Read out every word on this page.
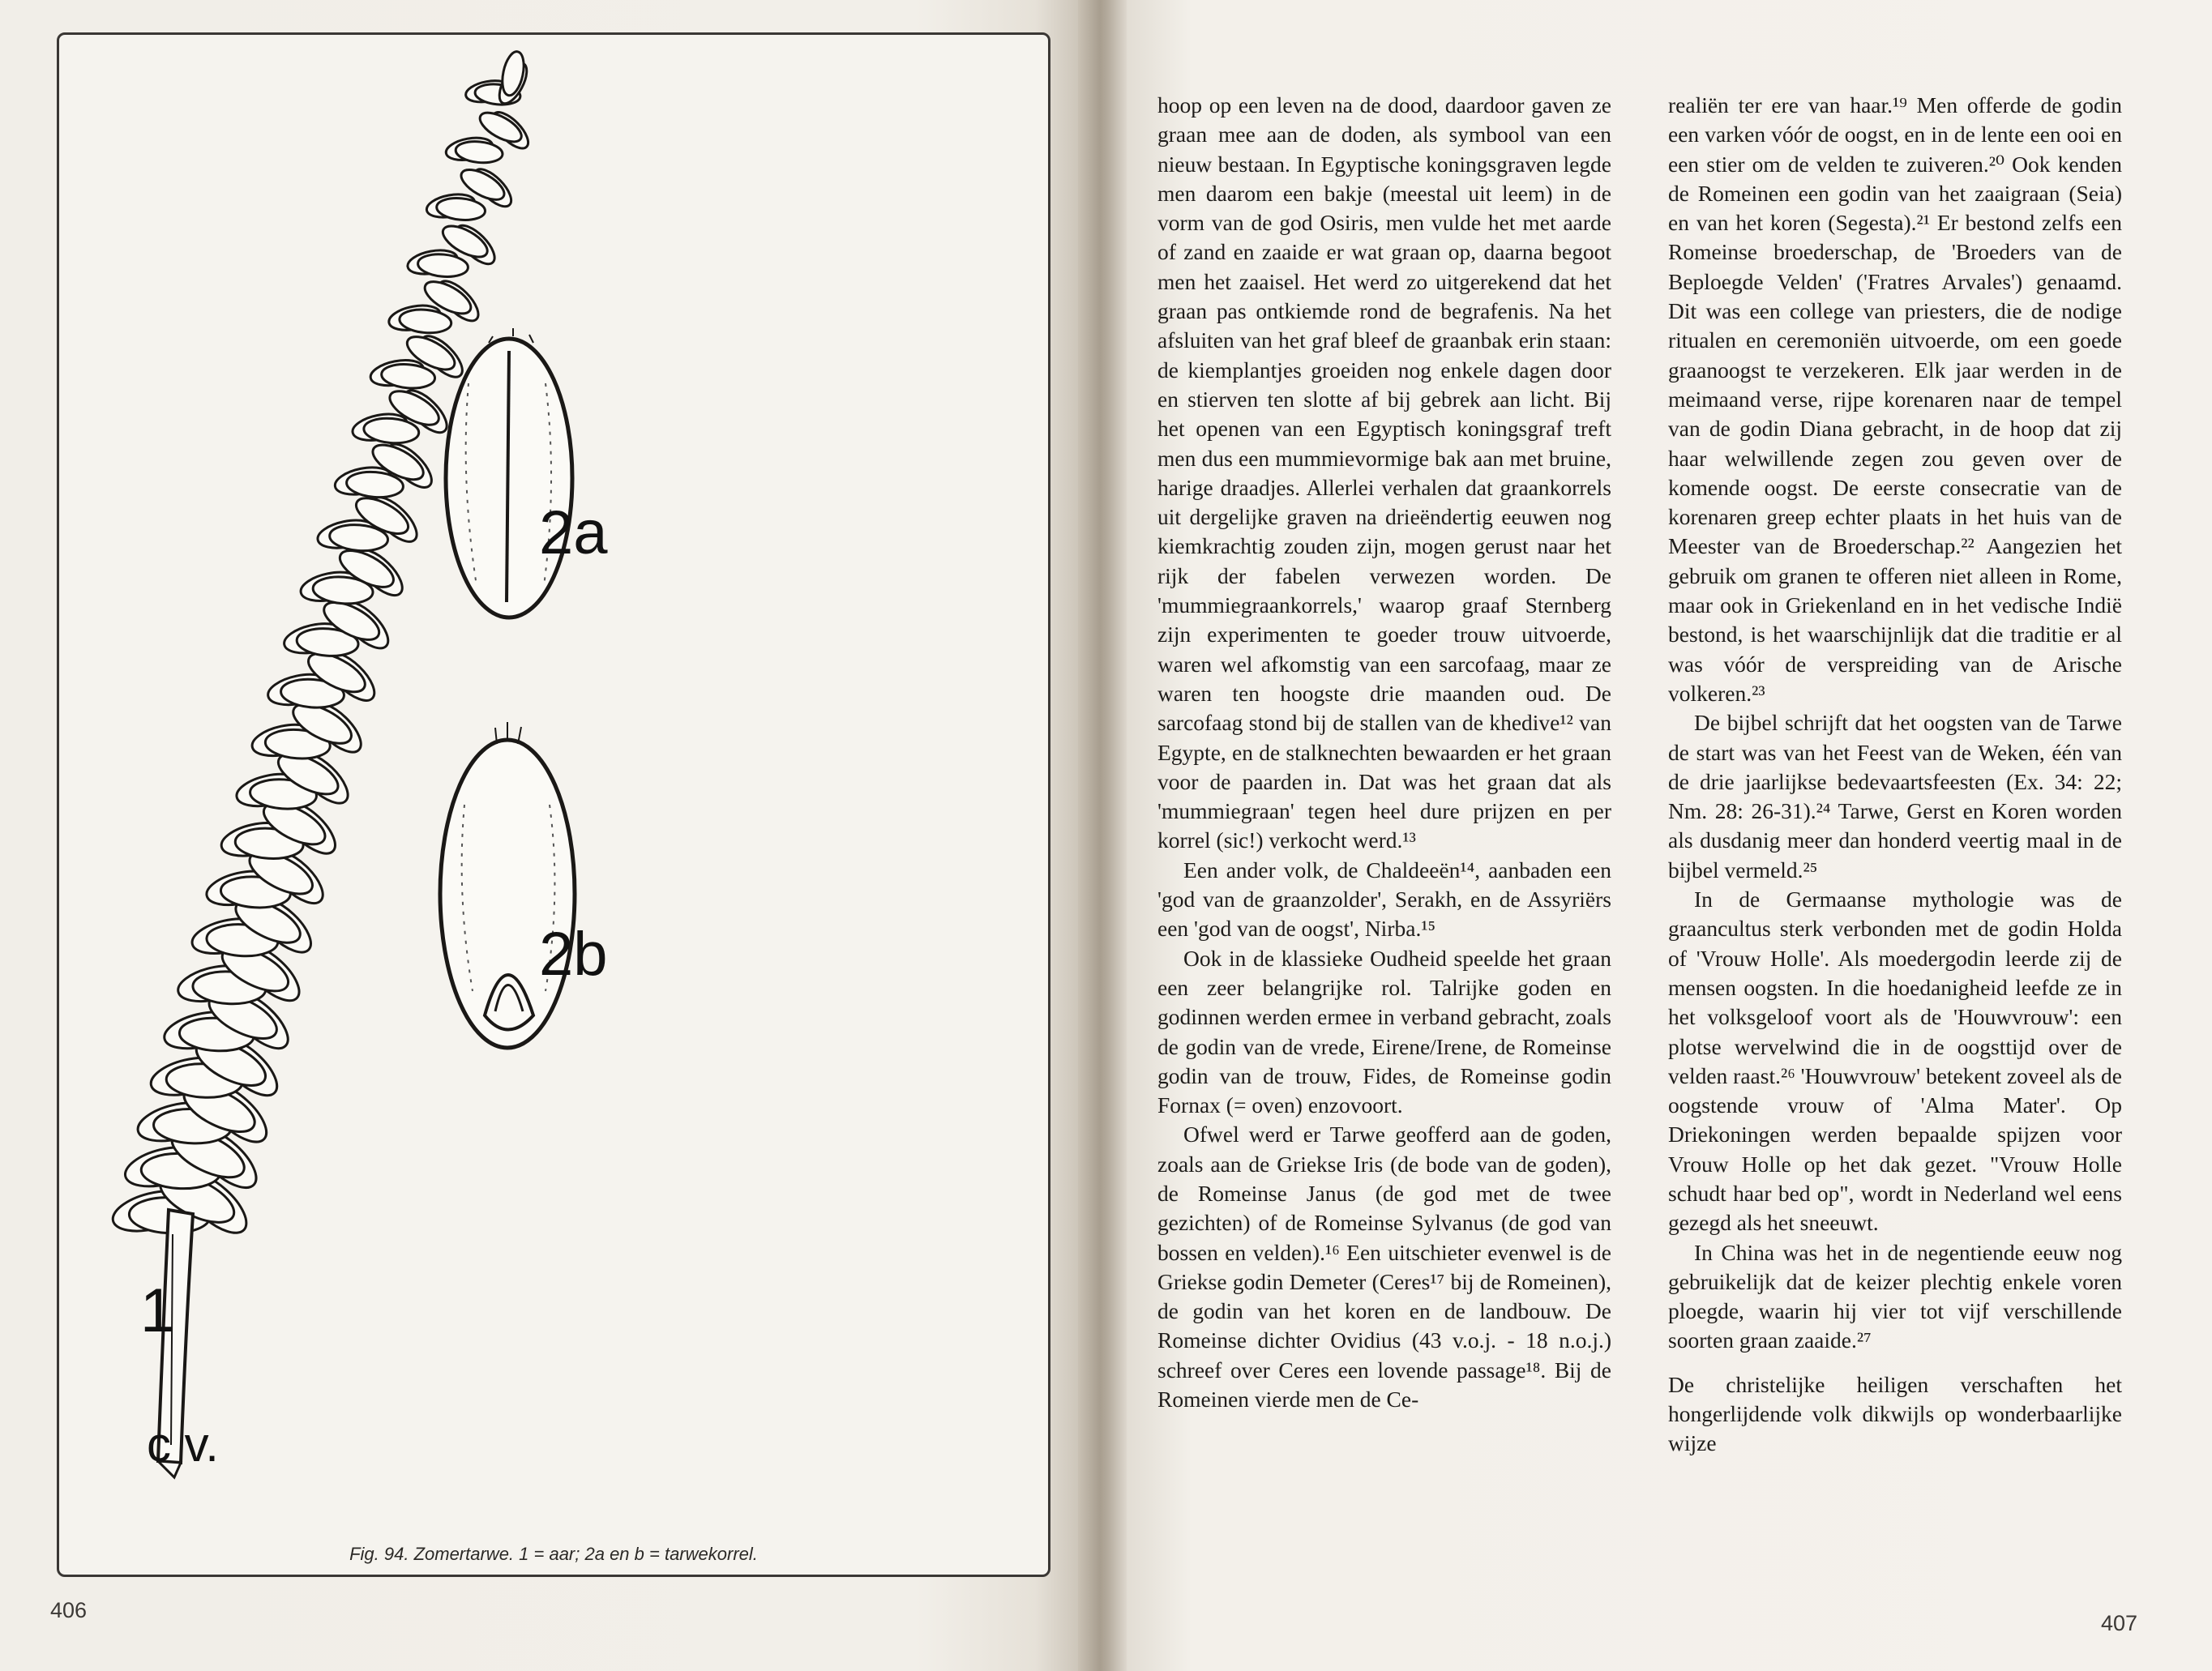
2a
2b
1
c v.
Fig. 94. Zomertarwe. 1 = aar; 2a en b = tarwekorrel.
406

hoop op een leven na de dood, daardoor gaven ze graan mee aan de doden, als symbool van een nieuw bestaan. In Egyptische koningsgraven legde men daarom een bakje (meestal uit leem) in de vorm van de god Osiris, men vulde het met aarde of zand en zaaide er wat graan op, daarna begoot men het zaaisel. Het werd zo uitgerekend dat het graan pas ontkiemde rond de begrafenis. Na het afsluiten van het graf bleef de graanbak erin staan: de kiemplantjes groeiden nog enkele dagen door en stierven ten slotte af bij gebrek aan licht. Bij het openen van een Egyptisch koningsgraf treft men dus een mummievormige bak aan met bruine, harige draadjes. Allerlei verhalen dat graankorrels uit dergelijke graven na drieëndertig eeuwen nog kiemkrachtig zouden zijn, mogen gerust naar het rijk der fabelen verwezen worden. De 'mummiegraankorrels,' waarop graaf Sternberg zijn experimenten te goeder trouw uitvoerde, waren wel afkomstig van een sarcofaag, maar ze waren ten hoogste drie maanden oud. De sarcofaag stond bij de stallen van de khedive¹² van Egypte, en de stalknechten bewaarden er het graan voor de paarden in. Dat was het graan dat als 'mummiegraan' tegen heel dure prijzen en per korrel (sic!) verkocht werd.¹³

Een ander volk, de Chaldeeën¹⁴, aanbaden een 'god van de graanzolder', Serakh, en de Assyriërs een 'god van de oogst', Nirba.¹⁵

Ook in de klassieke Oudheid speelde het graan een zeer belangrijke rol. Talrijke goden en godinnen werden ermee in verband gebracht, zoals de godin van de vrede, Eirene/Irene, de Romeinse godin van de trouw, Fides, de Romeinse godin Fornax (= oven) enzovoort.

Ofwel werd er Tarwe geofferd aan de goden, zoals aan de Griekse Iris (de bode van de goden), de Romeinse Janus (de god met de twee gezichten) of de Romeinse Sylvanus (de god van bossen en velden).¹⁶ Een uitschieter evenwel is de Griekse godin Demeter (Ceres¹⁷ bij de Romeinen), de godin van het koren en de landbouw. De Romeinse dichter Ovidius (43 v.o.j. - 18 n.o.j.) schreef over Ceres een lovende passage¹⁸. Bij de Romeinen vierde men de Ce-

realiën ter ere van haar.¹⁹ Men offerde de godin een varken vóór de oogst, en in de lente een ooi en een stier om de velden te zuiveren.²⁰ Ook kenden de Romeinen een godin van het zaaigraan (Seia) en van het koren (Segesta).²¹ Er bestond zelfs een Romeinse broederschap, de 'Broeders van de Beploegde Velden' ('Fratres Arvales') genaamd. Dit was een college van priesters, die de nodige ritualen en ceremoniën uitvoerde, om een goede graanoogst te verzekeren. Elk jaar werden in de meimaand verse, rijpe korenaren naar de tempel van de godin Diana gebracht, in de hoop dat zij haar welwillende zegen zou geven over de komende oogst. De eerste consecratie van de korenaren greep echter plaats in het huis van de Meester van de Broederschap.²² Aangezien het gebruik om granen te offeren niet alleen in Rome, maar ook in Griekenland en in het vedische Indië bestond, is het waarschijnlijk dat die traditie er al was vóór de verspreiding van de Arische volkeren.²³

De bijbel schrijft dat het oogsten van de Tarwe de start was van het Feest van de Weken, één van de drie jaarlijkse bedevaartsfeesten (Ex. 34: 22; Nm. 28: 26-31).²⁴ Tarwe, Gerst en Koren worden als dusdanig meer dan honderd veertig maal in de bijbel vermeld.²⁵

In de Germaanse mythologie was de graancultus sterk verbonden met de godin Holda of 'Vrouw Holle'. Als moedergodin leerde zij de mensen oogsten. In die hoedanigheid leefde ze in het volksgeloof voort als de 'Houwvrouw': een plotse wervelwind die in de oogsttijd over de velden raast.²⁶ 'Houwvrouw' betekent zoveel als de oogstende vrouw of 'Alma Mater'. Op Driekoningen werden bepaalde spijzen voor Vrouw Holle op het dak gezet. "Vrouw Holle schudt haar bed op", wordt in Nederland wel eens gezegd als het sneeuwt.

In China was het in de negentiende eeuw nog gebruikelijk dat de keizer plechtig enkele voren ploegde, waarin hij vier tot vijf verschillende soorten graan zaaide.²⁷

De christelijke heiligen verschaften het hongerlijdende volk dikwijls op wonderbaarlijke wijze

407
